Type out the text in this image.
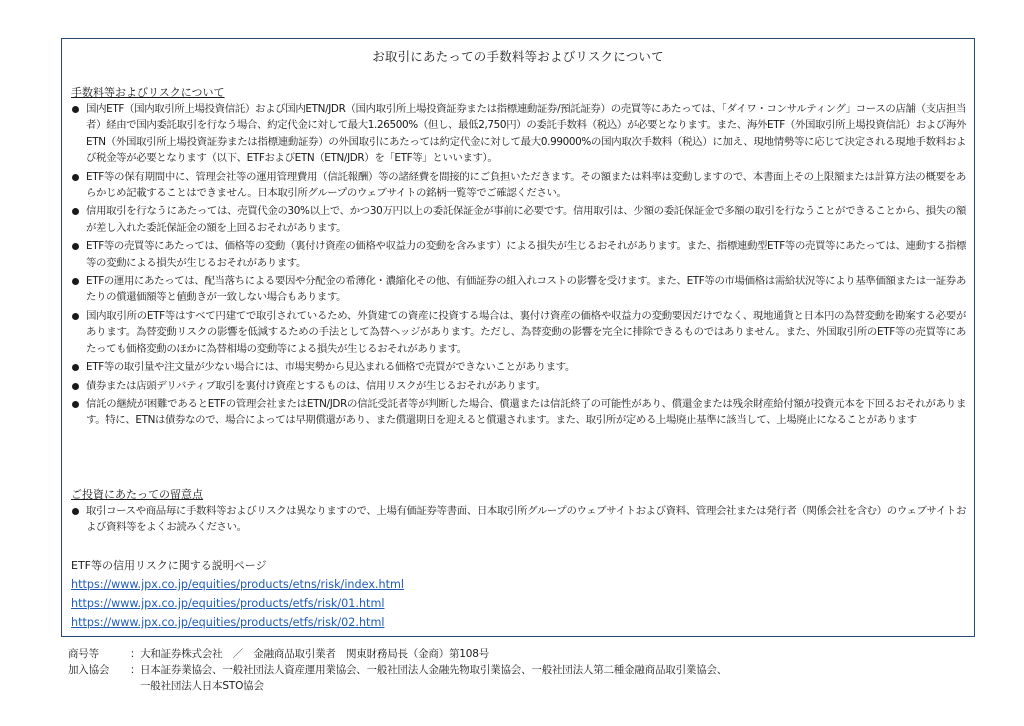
お取引にあたっての手数料等およびリスクについて
手数料等およびリスクについて
国内ETF（国内取引所上場投資信託）および国内ETN/JDR（国内取引所上場投資証券または指標連動証券/預託証券）の売買等にあたっては、「ダイワ・コンサルティング」コースの店舗（支店担当者）経由で国内委託取引を行なう場合、約定代金に対して最大1.26500%（但し、最低2,750円）の委託手数料（税込）が必要となります。また、海外ETF（外国取引所上場投資信託）および海外ETN（外国取引所上場投資証券または指標連動証券）の外国取引にあたっては約定代金に対して最大0.99000%の国内取次手数料（税込）に加え、現地情勢等に応じて決定される現地手数料および税金等が必要となります（以下、ETFおよびETN（ETN/JDR）を「ETF等」といいます）。
ETF等の保有期間中に、管理会社等の運用管理費用（信託報酬）等の諸経費を間接的にご負担いただきます。その額または料率は変動しますので、本書面上その上限額または計算方法の概要をあらかじめ記載することはできません。日本取引所グループのウェブサイトの銘柄一覧等でご確認ください。
信用取引を行なうにあたっては、売買代金の30%以上で、かつ30万円以上の委託保証金が事前に必要です。信用取引は、少額の委託保証金で多額の取引を行なうことができることから、損失の額が差し入れた委託保証金の額を上回るおそれがあります。
ETF等の売買等にあたっては、価格等の変動（裏付け資産の価格や収益力の変動を含みます）による損失が生じるおそれがあります。また、指標連動型ETF等の売買等にあたっては、連動する指標等の変動による損失が生じるおそれがあります。
ETFの運用にあたっては、配当落ちによる要因や分配金の希薄化・濃縮化その他、有価証券の組入れコストの影響を受けます。また、ETF等の市場価格は需給状況等により基準価額または一証券あたりの償還価額等と値動きが一致しない場合もあります。
国内取引所のETF等はすべて円建てで取引されているため、外貨建ての資産に投資する場合は、裏付け資産の価格や収益力の変動要因だけでなく、現地通貨と日本円の為替変動を勘案する必要があります。為替変動リスクの影響を低減するための手法として為替ヘッジがあります。ただし、為替変動の影響を完全に排除できるものではありません。また、外国取引所のETF等の売買等にあたっても価格変動のほかに為替相場の変動等による損失が生じるおそれがあります。
ETF等の取引量や注文量が少ない場合には、市場実勢から見込まれる価格で売買ができないことがあります。
債券または店頭デリバティブ取引を裏付け資産とするものは、信用リスクが生じるおそれがあります。
信託の継続が困難であるとETFの管理会社またはETN/JDRの信託受託者等が判断した場合、償還または信託終了の可能性があり、償還金または残余財産給付額が投資元本を下回るおそれがあります。特に、ETNは債券なので、場合によっては早期償還があり、また償還期日を迎えると償還されます。また、取引所が定める上場廃止基準に該当して、上場廃止になることがあります
ご投資にあたっての留意点
取引コースや商品毎に手数料等およびリスクは異なりますので、上場有価証券等書面、日本取引所グループのウェブサイトおよび資料、管理会社または発行者（関係会社を含む）のウェブサイトおよび資料等をよくお読みください。
ETF等の信用リスクに関する説明ページ
https://www.jpx.co.jp/equities/products/etns/risk/index.html
https://www.jpx.co.jp/equities/products/etfs/risk/01.html
https://www.jpx.co.jp/equities/products/etfs/risk/02.html
商号等	： 大和証券株式会社　／　金融商品取引業者　関東財務局長（金商）第108号
加入協会	： 日本証券業協会、一般社団法人資産運用業協会、一般社団法人金融先物取引業協会、一般社団法人第二種金融商品取引業協会、
一般社団法人日本STO協会
